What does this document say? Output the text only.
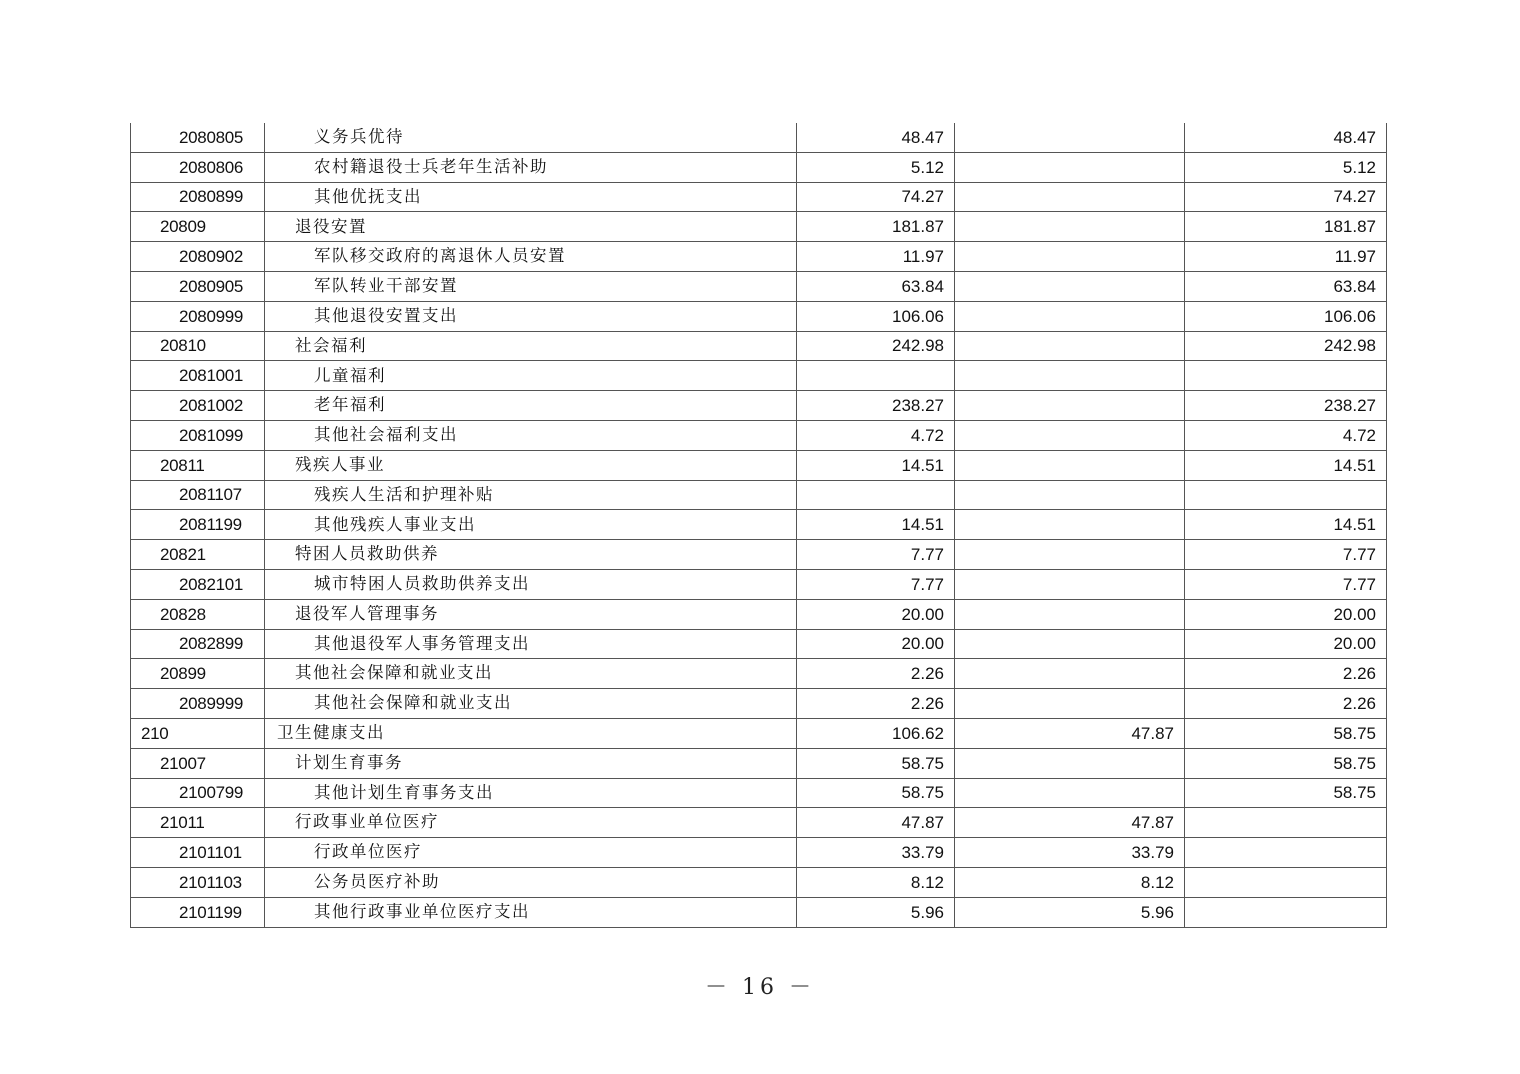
2080805	义务兵优待	48.47		48.47
2080806	农村籍退役士兵老年生活补助	5.12		5.12
2080899	其他优抚支出	74.27		74.27
20809	退役安置	181.87		181.87
2080902	军队移交政府的离退休人员安置	11.97		11.97
2080905	军队转业干部安置	63.84		63.84
2080999	其他退役安置支出	106.06		106.06
20810	社会福利	242.98		242.98
2081001	儿童福利			
2081002	老年福利	238.27		238.27
2081099	其他社会福利支出	4.72		4.72
20811	残疾人事业	14.51		14.51
2081107	残疾人生活和护理补贴			
2081199	其他残疾人事业支出	14.51		14.51
20821	特困人员救助供养	7.77		7.77
2082101	城市特困人员救助供养支出	7.77		7.77
20828	退役军人管理事务	20.00		20.00
2082899	其他退役军人事务管理支出	20.00		20.00
20899	其他社会保障和就业支出	2.26		2.26
2089999	其他社会保障和就业支出	2.26		2.26
210	卫生健康支出	106.62	47.87	58.75
21007	计划生育事务	58.75		58.75
2100799	其他计划生育事务支出	58.75		58.75
21011	行政事业单位医疗	47.87	47.87	
2101101	行政单位医疗	33.79	33.79	
2101103	公务员医疗补助	8.12	8.12	
2101199	其他行政事业单位医疗支出	5.96	5.96	
－ 16 －
